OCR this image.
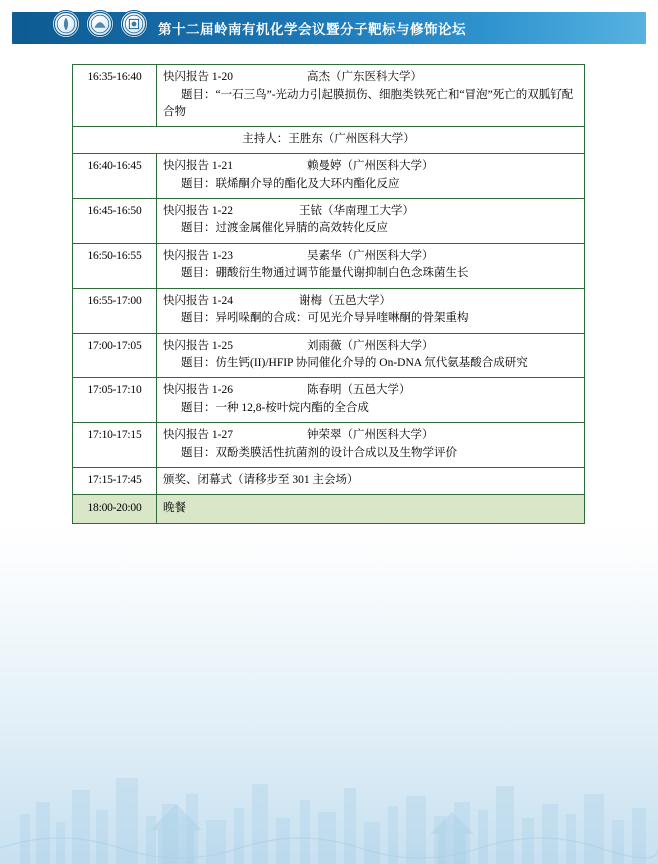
第十二届岭南有机化学会议暨分子靶标与修饰论坛
16:35-16:40	快闪报告 1-20 高杰（广东医科大学）
题目：“一石三鸟”-光动力引起膜损伤、细胞类铁死亡和“冒泡”死亡的双胍钌配合物

主持人：王胜东（广州医科大学）	
16:40-16:45	快闪报告 1-21 赖曼婷（广州医科大学）
题目：联烯酮介导的酯化及大环内酯化反应

16:45-16:50	快闪报告 1-22 王铱（华南理工大学）
题目：过渡金属催化异腈的高效转化反应

16:50-16:55	快闪报告 1-23 吴素华（广州医科大学）
题目：硼酸衍生物通过调节能量代谢抑制白色念珠菌生长

16:55-17:00	快闪报告 1-24 谢梅（五邑大学）
题目：异吲哚酮的合成：可见光介导异喹啉酮的骨架重构

17:00-17:05	快闪报告 1-25 刘雨薇（广州医科大学）
题目：仿生钙(II)/HFIP 协同催化介导的 On-DNA 氘代氨基酸合成研究

17:05-17:10	快闪报告 1-26 陈春明（五邑大学）
题目：一种 12,8-桉叶烷内酯的全合成

17:10-17:15	快闪报告 1-27 钟荣翠（广州医科大学）
题目：双酚类膜活性抗菌剂的设计合成以及生物学评价

17:15-17:45	颁奖、闭幕式（请移步至 301 主会场）
18:00-20:00	晚餐
